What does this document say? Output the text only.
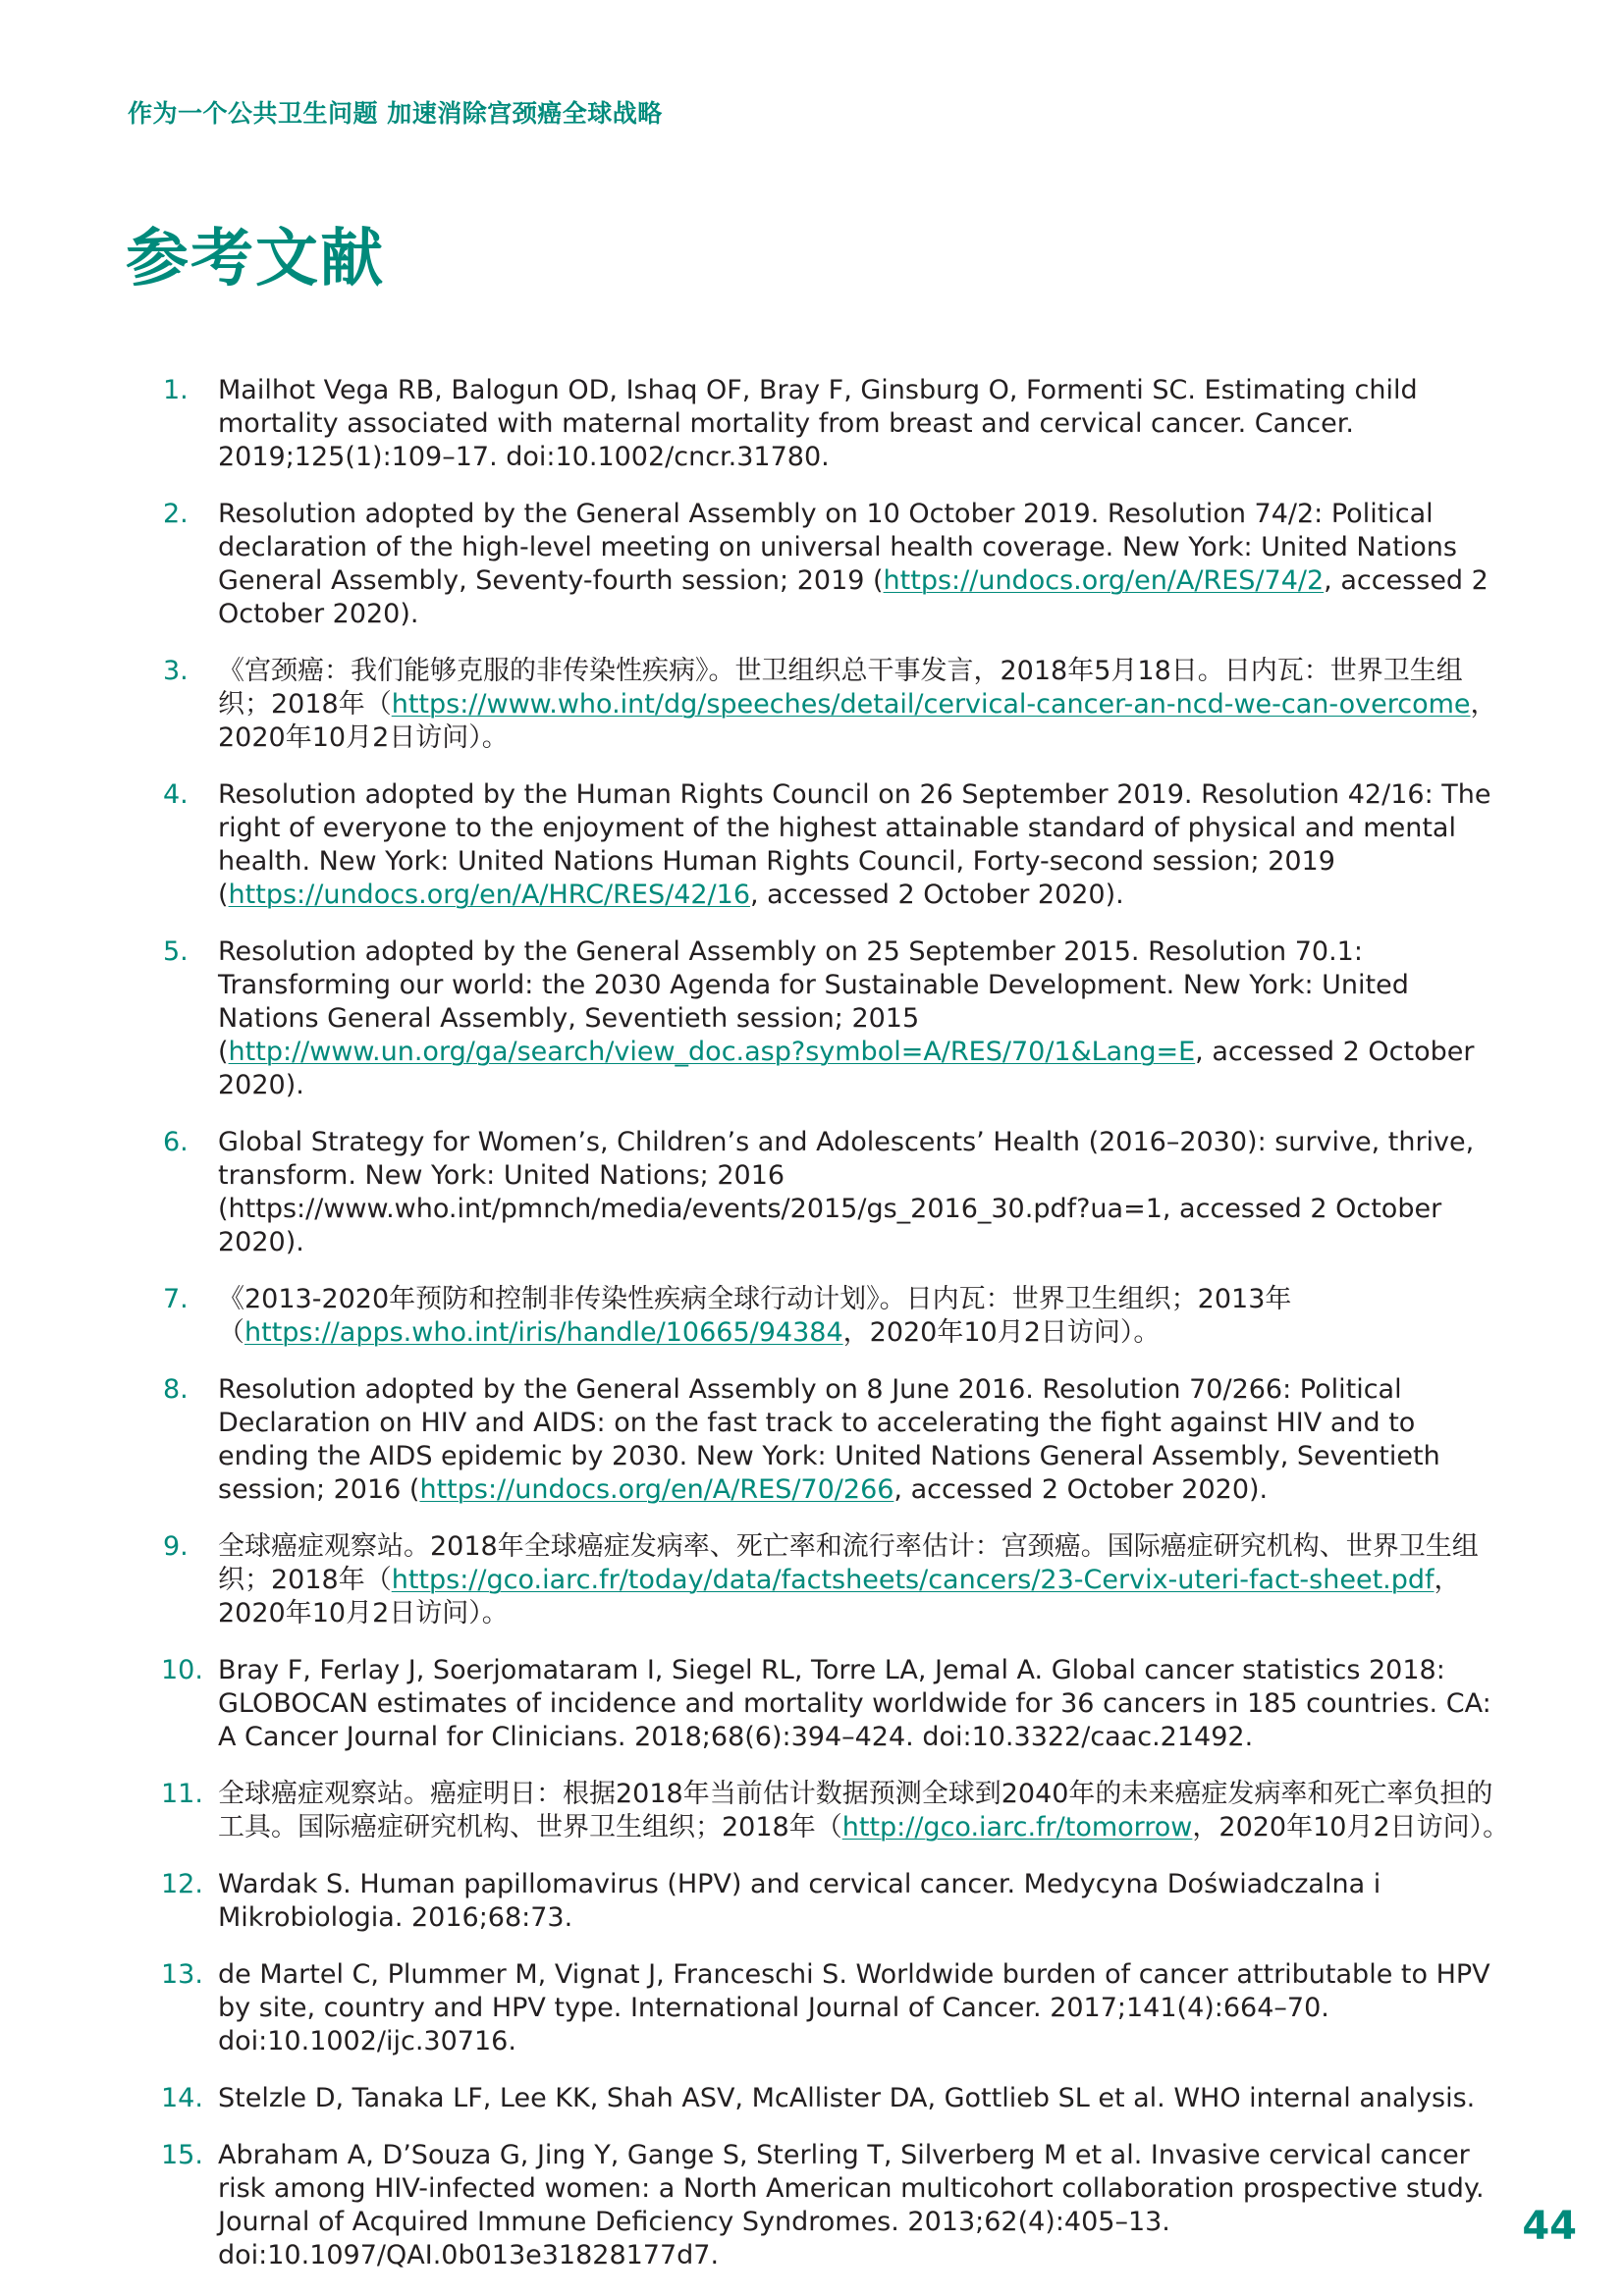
作为一个公共卫生问题 加速消除宫颈癌全球战略
参考文献
1. Mailhot Vega RB, Balogun OD, Ishaq OF, Bray F, Ginsburg O, Formenti SC. Estimating child mortality associated with maternal mortality from breast and cervical cancer. Cancer. 2019;125(1):109–17. doi:10.1002/cncr.31780.
2. Resolution adopted by the General Assembly on 10 October 2019. Resolution 74/2: Political declaration of the high-level meeting on universal health coverage. New York: United Nations General Assembly, Seventy-fourth session; 2019 (https://undocs.org/en/A/RES/74/2, accessed 2 October 2020).
3. 《宫颈癌：我们能够克服的非传染性疾病》。世卫组织总干事发言，2018年5月18日。日内瓦：世界卫生组织；2018年（https://www.who.int/dg/speeches/detail/cervical-cancer-an-ncd-we-can-overcome，2020年10月2日访问）。
4. Resolution adopted by the Human Rights Council on 26 September 2019. Resolution 42/16: The right of everyone to the enjoyment of the highest attainable standard of physical and mental health. New York: United Nations Human Rights Council, Forty-second session; 2019 (https://undocs.org/en/A/HRC/RES/42/16, accessed 2 October 2020).
5. Resolution adopted by the General Assembly on 25 September 2015. Resolution 70.1: Transforming our world: the 2030 Agenda for Sustainable Development. New York: United Nations General Assembly, Seventieth session; 2015 (http://www.un.org/ga/search/view_doc.asp?symbol=A/RES/70/1&Lang=E, accessed 2 October 2020).
6. Global Strategy for Women’s, Children’s and Adolescents’ Health (2016–2030): survive, thrive, transform. New York: United Nations; 2016 (https://www.who.int/pmnch/media/events/2015/gs_2016_30.pdf?ua=1, accessed 2 October 2020).
7. 《2013-2020年预防和控制非传染性疾病全球行动计划》。日内瓦：世界卫生组织；2013年（https://apps.who.int/iris/handle/10665/94384，2020年10月2日访问）。
8. Resolution adopted by the General Assembly on 8 June 2016. Resolution 70/266: Political Declaration on HIV and AIDS: on the fast track to accelerating the fight against HIV and to ending the AIDS epidemic by 2030. New York: United Nations General Assembly, Seventieth session; 2016 (https://undocs.org/en/A/RES/70/266, accessed 2 October 2020).
9. 全球癌症观察站。2018年全球癌症发病率、死亡率和流行率估计：宫颈癌。国际癌症研究机构、世界卫生组织；2018年（https://gco.iarc.fr/today/data/factsheets/cancers/23-Cervix-uteri-fact-sheet.pdf，2020年10月2日访问）。
10. Bray F, Ferlay J, Soerjomataram I, Siegel RL, Torre LA, Jemal A. Global cancer statistics 2018: GLOBOCAN estimates of incidence and mortality worldwide for 36 cancers in 185 countries. CA: A Cancer Journal for Clinicians. 2018;68(6):394–424. doi:10.3322/caac.21492.
11. 全球癌症观察站。癌症明日：根据2018年当前估计数据预测全球到2040年的未来癌症发病率和死亡率负担的工具。国际癌症研究机构、世界卫生组织；2018年（http://gco.iarc.fr/tomorrow，2020年10月2日访问）。
12. Wardak S. Human papillomavirus (HPV) and cervical cancer. Medycyna Doświadczalna i Mikrobiologia. 2016;68:73.
13. de Martel C, Plummer M, Vignat J, Franceschi S. Worldwide burden of cancer attributable to HPV by site, country and HPV type. International Journal of Cancer. 2017;141(4):664–70. doi:10.1002/ijc.30716.
14. Stelzle D, Tanaka LF, Lee KK, Shah ASV, McAllister DA, Gottlieb SL et al. WHO internal analysis.
15. Abraham A, D’Souza G, Jing Y, Gange S, Sterling T, Silverberg M et al. Invasive cervical cancer risk among HIV-infected women: a North American multicohort collaboration prospective study. Journal of Acquired Immune Deficiency Syndromes. 2013;62(4):405–13. doi:10.1097/QAI.0b013e31828177d7.
44
